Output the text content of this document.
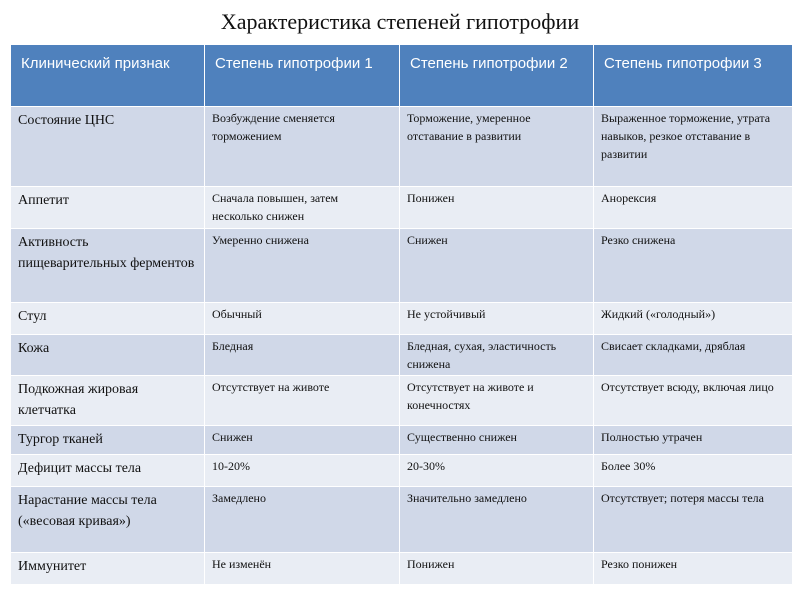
Характеристика степеней гипотрофии
Клинический признак	Степень гипотрофии 1	Степень гипотрофии 2	Степень гипотрофии 3
Состояние ЦНС	Возбуждение сменяется торможением	Торможение, умеренное отставание в развитии	Выраженное торможение, утрата навыков, резкое отставание в развитии
Аппетит	Сначала повышен, затем несколько снижен	Понижен	Анорексия
Активность пищеварительных ферментов	Умеренно снижена	Снижен	Резко снижена
Стул	Обычный	Не устойчивый	Жидкий («голодный»)
Кожа	Бледная	Бледная, сухая, эластичность снижена	Свисает складками, дряблая
Подкожная жировая клетчатка	Отсутствует на животе	Отсутствует на животе и конечностях	Отсутствует всюду, включая лицо
Тургор тканей	Снижен	Существенно снижен	Полностью утрачен
Дефицит массы тела	10-20%	20-30%	Более 30%
Нарастание массы тела («весовая кривая»)	Замедлено	Значительно замедлено	Отсутствует; потеря массы тела
Иммунитет	Не изменён	Понижен	Резко понижен
